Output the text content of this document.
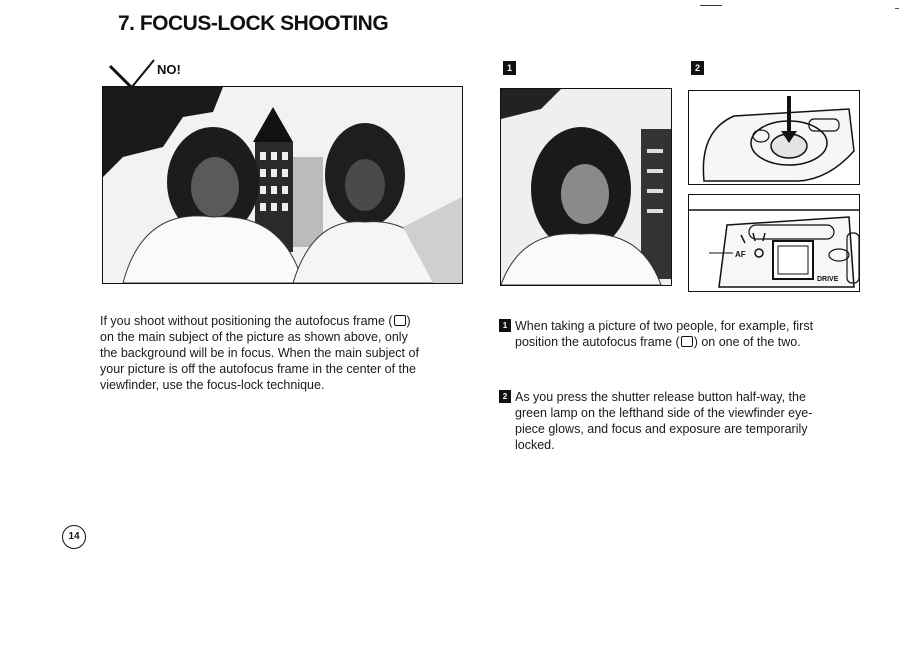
7. FOCUS-LOCK SHOOTING
NO!	1	2
AF
DRIVE
If you shoot without positioning the autofocus frame ( )
on the main subject of the picture as shown above, only
the background will be in focus. When the main subject of
your picture is off the autofocus frame in the center of the
viewfinder, use the focus-lock technique.
1 When taking a picture of two people, for example, first
position the autofocus frame ( ) on one of the two.
2 As you press the shutter release button half-way, the
green lamp on the lefthand side of the viewfinder eye-
piece glows, and focus and exposure are temporarily
locked.
14
